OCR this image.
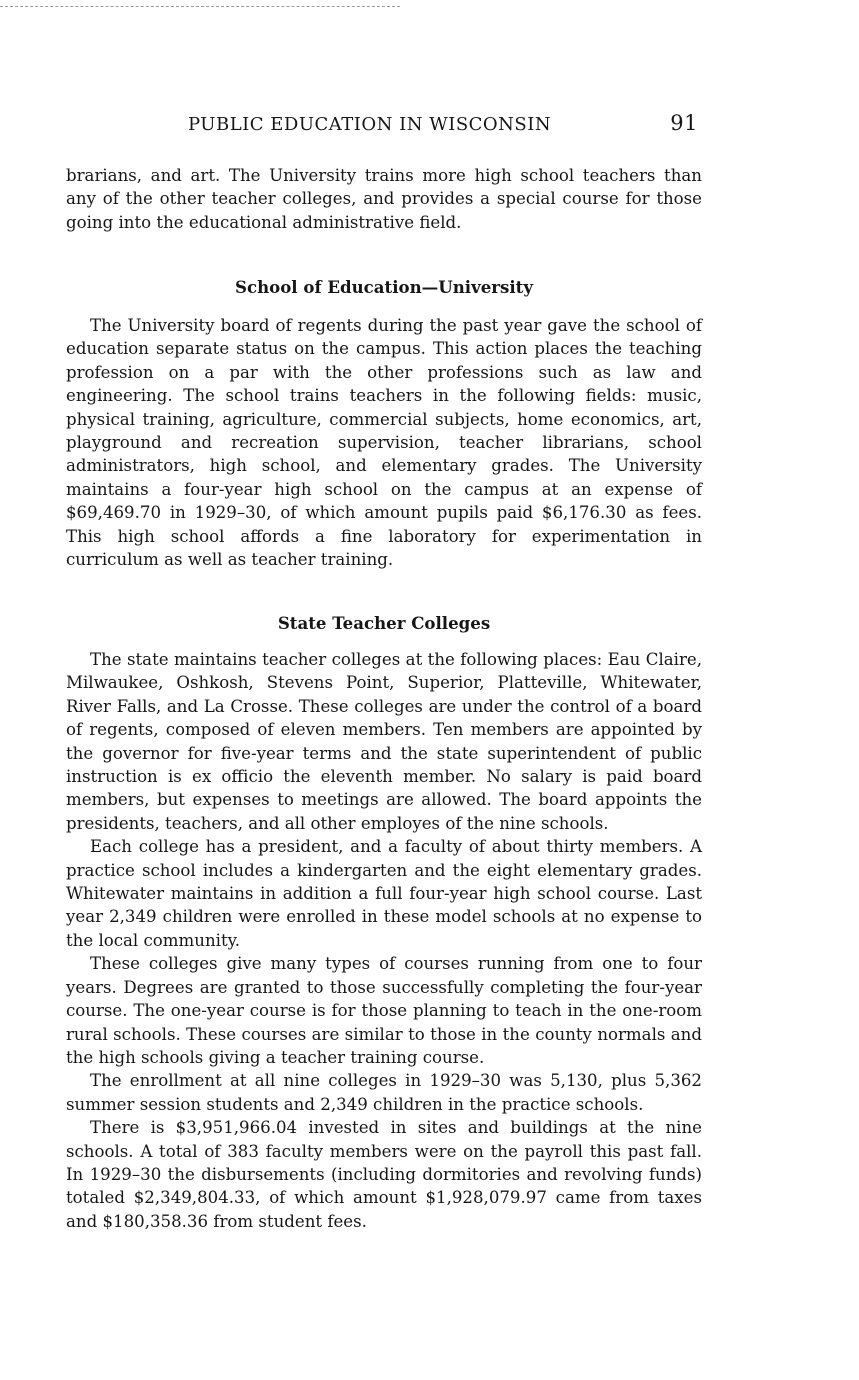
PUBLIC EDUCATION IN WISCONSIN	91

brarians, and art. The University trains more high school teachers than any of the other teacher colleges, and provides a special course for those going into the educational administrative field.

School of Education—University

The University board of regents during the past year gave the school of education separate status on the campus. This action places the teaching profession on a par with the other professions such as law and engineering. The school trains teachers in the following fields: music, physical training, agriculture, commercial subjects, home economics, art, playground and recreation supervision, teacher librarians, school administrators, high school, and elementary grades. The University maintains a four-year high school on the campus at an expense of $69,469.70 in 1929–30, of which amount pupils paid $6,176.30 as fees. This high school affords a fine laboratory for experimentation in curriculum as well as teacher training.

State Teacher Colleges

The state maintains teacher colleges at the following places: Eau Claire, Milwaukee, Oshkosh, Stevens Point, Superior, Platteville, Whitewater, River Falls, and La Crosse. These colleges are under the control of a board of regents, composed of eleven members. Ten members are appointed by the governor for five-year terms and the state superintendent of public instruction is ex officio the eleventh member. No salary is paid board members, but expenses to meetings are allowed. The board appoints the presidents, teachers, and all other employes of the nine schools.

Each college has a president, and a faculty of about thirty members. A practice school includes a kindergarten and the eight elementary grades. Whitewater maintains in addition a full four-year high school course. Last year 2,349 children were enrolled in these model schools at no expense to the local community.

These colleges give many types of courses running from one to four years. Degrees are granted to those successfully completing the four-year course. The one-year course is for those planning to teach in the one-room rural schools. These courses are similar to those in the county normals and the high schools giving a teacher training course.

The enrollment at all nine colleges in 1929–30 was 5,130, plus 5,362 summer session students and 2,349 children in the practice schools.

There is $3,951,966.04 invested in sites and buildings at the nine schools. A total of 383 faculty members were on the payroll this past fall. In 1929–30 the disbursements (including dormitories and revolving funds) totaled $2,349,804.33, of which amount $1,928,079.97 came from taxes and $180,358.36 from student fees.
